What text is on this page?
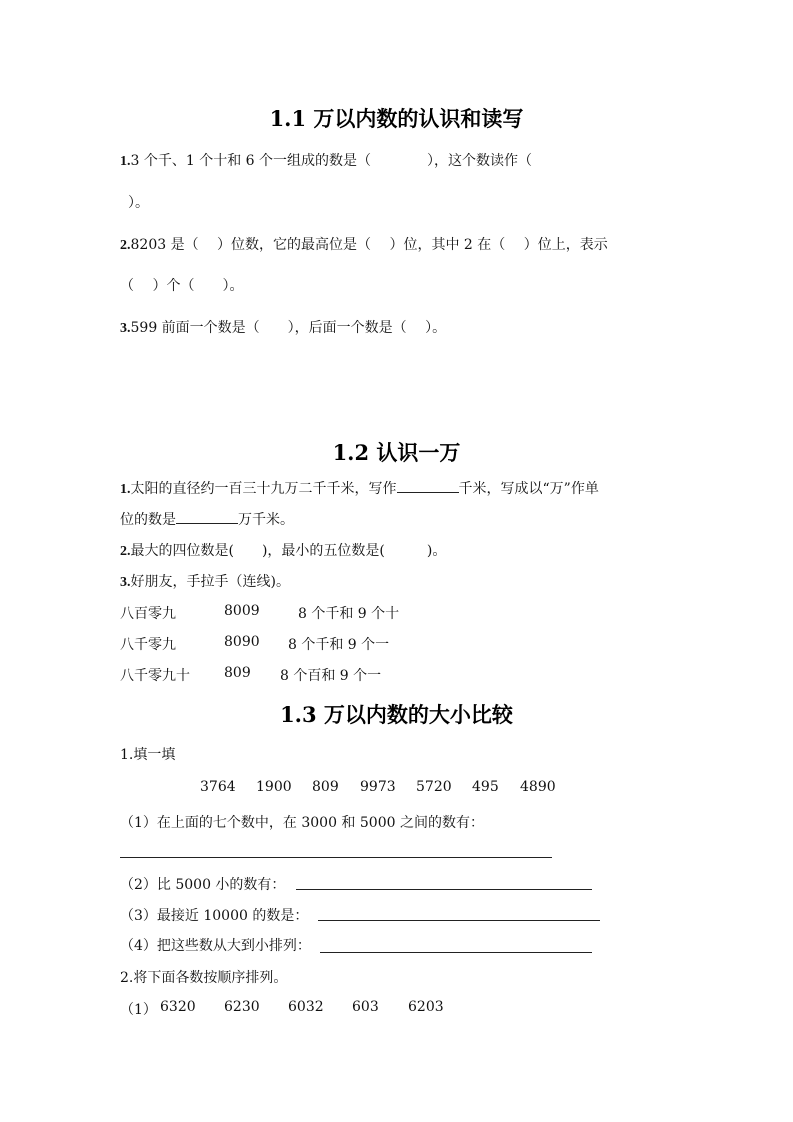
1.1 万以内数的认识和读写
1.3 个千、1 个十和 6 个一组成的数是（　　　　），这个数读作（
）。
2.8203 是（　 ）位数，它的最高位是（　 ）位，其中 2 在（　 ）位上，表示
（　 ）个（　　）。
3.599 前面一个数是（　　），后面一个数是（　 ）。
1.2 认识一万
1.太阳的直径约一百三十九万二千千米，写作	千米，写成以“万”作单
位的数是	万千米。
2.最大的四位数是(　　)，最小的五位数是(　　　)。
3.好朋友，手拉手（连线)。
八百零九	8009	8 个千和 9 个十
八千零九	8090 8 个千和 9 个一
八千零九十 809 8 个百和 9 个一
1.3 万以内数的大小比较
1.填一填
3764 1900 809 9973 5720 495 4890
（1）在上面的七个数中，在 3000 和 5000 之间的数有：
（2）比 5000 小的数有：
（3）最接近 10000 的数是：
（4）把这些数从大到小排列：
2.将下面各数按顺序排列。
（1） 6320 6230 6032 603 6203
